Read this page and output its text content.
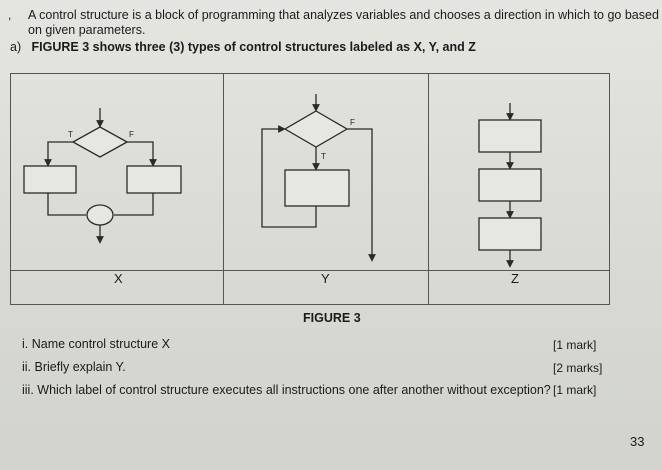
, A control structure is a block of programming that analyzes variables and chooses a direction in which to go based
on given parameters.
a) FIGURE 3 shows three (3) types of control structures labeled as X, Y, and Z
T	F
F
T
X	Y	Z
FIGURE 3
i. Name control structure X	[1 mark]
ii. Briefly explain Y.	[2 marks]
iii. Which label of control structure executes all instructions one after another without exception? [1 mark]
33
